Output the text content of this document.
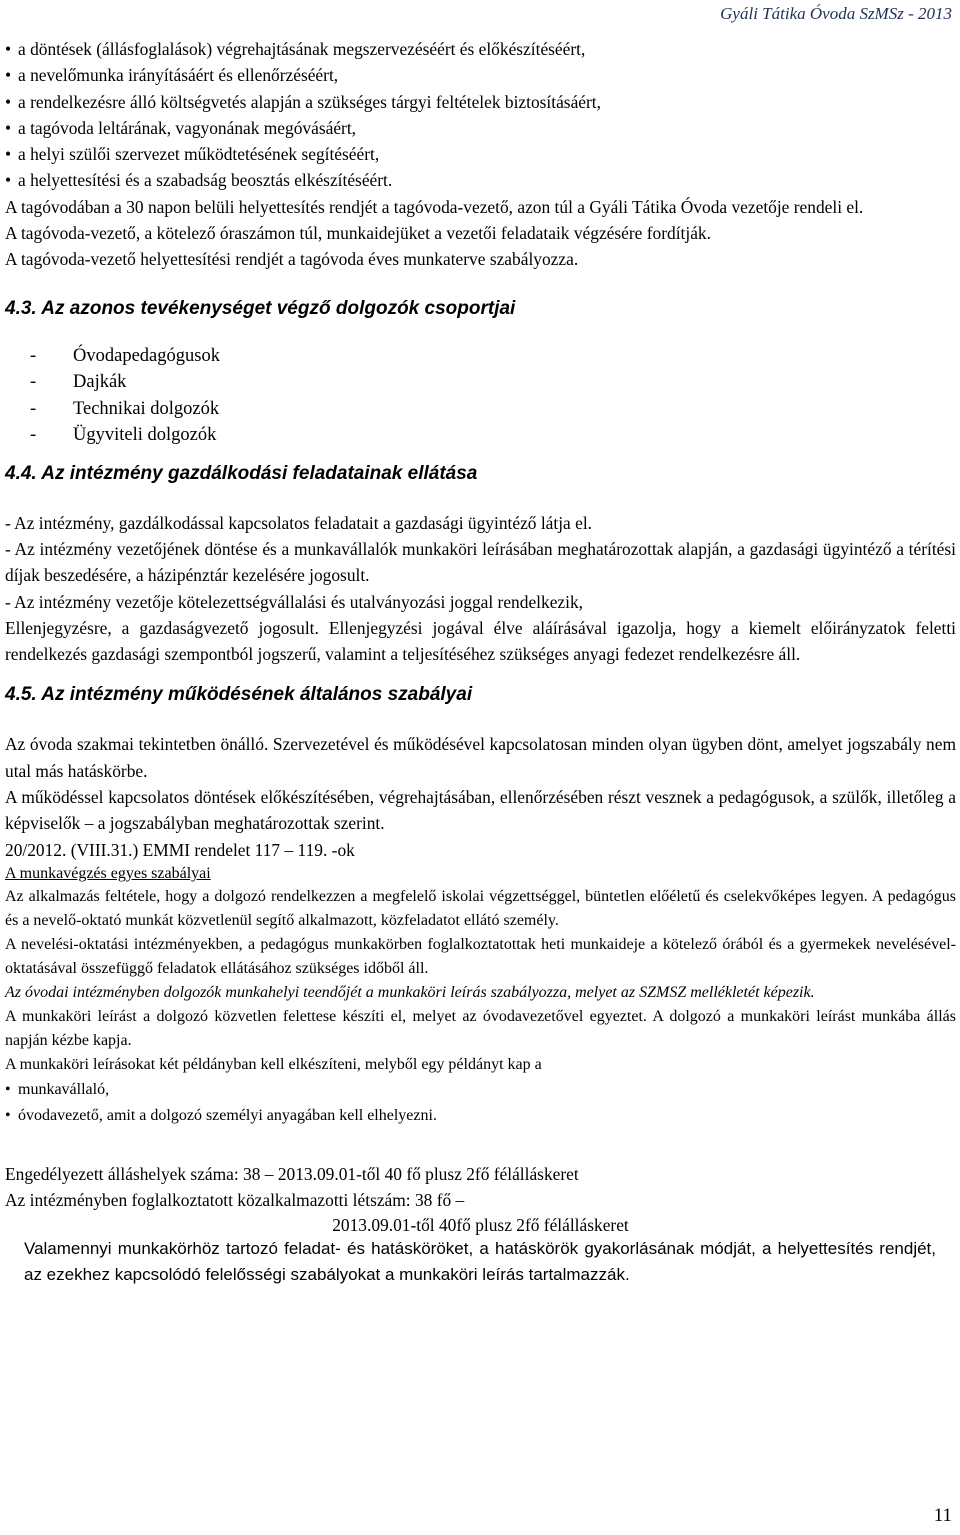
Gyáli Tátika Óvoda SzMSz - 2013
• a döntések (állásfoglalások) végrehajtásának megszervezéséért és előkészítéséért,
• a nevelőmunka irányításáért és ellenőrzéséért,
• a rendelkezésre álló költségvetés alapján a szükséges tárgyi feltételek biztosításáért,
• a tagóvoda leltárának, vagyonának megóvásáért,
• a helyi szülői szervezet működtetésének segítéséért,
• a helyettesítési és a szabadság beosztás elkészítéséért.

A tagóvodában a 30 napon belüli helyettesítés rendjét a tagóvoda-vezető, azon túl a Gyáli Tátika Óvoda vezetője rendeli el.

A tagóvoda-vezető, a kötelező óraszámon túl, munkaidejüket a vezetői feladataik végzésére fordítják.

A tagóvoda-vezető helyettesítési rendjét a tagóvoda éves munkaterve szabályozza.

4.3. Az azonos tevékenységet végző dolgozók csoportjai
- Óvodapedagógusok
- Dajkák
- Technikai dolgozók
- Ügyviteli dolgozók
4.4. Az intézmény gazdálkodási feladatainak ellátása

- Az intézmény, gazdálkodással kapcsolatos feladatait a gazdasági ügyintéző látja el.

- Az intézmény vezetőjének döntése és a munkavállalók munkaköri leírásában meghatározottak alapján, a gazdasági ügyintéző a térítési díjak beszedésére, a házipénztár kezelésére jogosult.

- Az intézmény vezetője kötelezettségvállalási és utalványozási joggal rendelkezik,

Ellenjegyzésre, a gazdaságvezető jogosult. Ellenjegyzési jogával élve aláírásával igazolja, hogy a kiemelt előirányzatok feletti rendelkezés gazdasági szempontból jogszerű, valamint a teljesítéséhez szükséges anyagi fedezet rendelkezésre áll.

4.5. Az intézmény működésének általános szabályai

Az óvoda szakmai tekintetben önálló. Szervezetével és működésével kapcsolatosan minden olyan ügyben dönt, amelyet jogszabály nem utal más hatáskörbe.

A működéssel kapcsolatos döntések előkészítésében, végrehajtásában, ellenőrzésében részt vesznek a pedagógusok, a szülők, illetőleg a képviselők – a jogszabályban meghatározottak szerint.

20/2012. (VIII.31.) EMMI rendelet 117 – 119. -ok

A munkavégzés egyes szabályai

Az alkalmazás feltétele, hogy a dolgozó rendelkezzen a megfelelő iskolai végzettséggel, büntetlen előéletű és cselekvőképes legyen. A pedagógus és a nevelő-oktató munkát közvetlenül segítő alkalmazott, közfeladatot ellátó személy.

A nevelési-oktatási intézményekben, a pedagógus munkakörben foglalkoztatottak heti munkaideje a kötelező órából és a gyermekek nevelésével-oktatásával összefüggő feladatok ellátásához szükséges időből áll.

Az óvodai intézményben dolgozók munkahelyi teendőjét a munkaköri leírás szabályozza, melyet az SZMSZ mellékletét képezik.

A munkaköri leírást a dolgozó közvetlen felettese készíti el, melyet az óvodavezetővel egyeztet. A dolgozó a munkaköri leírást munkába állás napján kézbe kapja.

A munkaköri leírásokat két példányban kell elkészíteni, melyből egy példányt kap a

• munkavállaló,
• óvodavezető, amit a dolgozó személyi anyagában kell elhelyezni.

Engedélyezett álláshelyek száma: 38 – 2013.09.01-től 40 fő plusz 2fő félálláskeret

Az intézményben foglalkoztatott közalkalmazotti létszám: 38 fő –

2013.09.01-től 40fő plusz 2fő félálláskeret

Valamennyi munkakörhöz tartozó feladat- és hatásköröket, a hatáskörök gyakorlásának módját, a helyettesítés rendjét, az ezekhez kapcsolódó felelősségi szabályokat a munkaköri leírás tartalmazzák.

11
